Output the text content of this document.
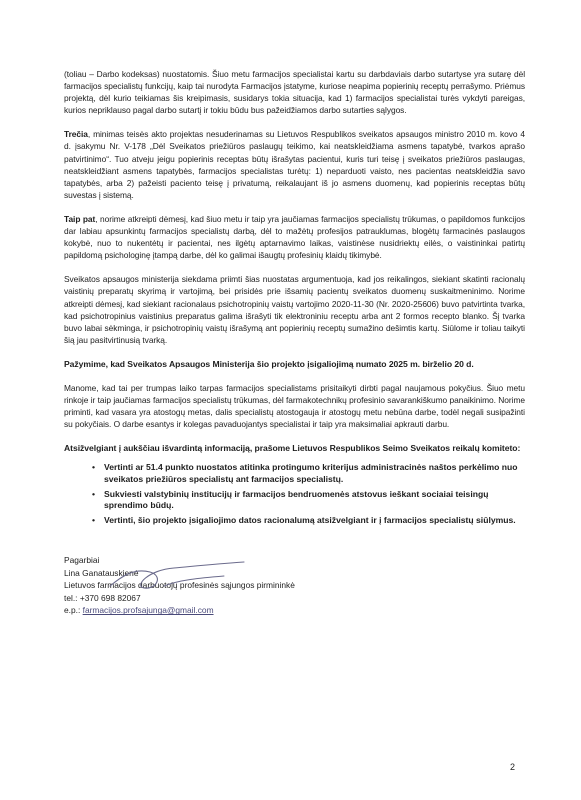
(toliau – Darbo kodeksas) nuostatomis. Šiuo metu farmacijos specialistai kartu su darbdaviais darbo sutartyse yra sutarę dėl farmacijos specialistų funkcijų, kaip tai nurodyta Farmacijos įstatyme, kuriose neapima popierinių receptų perrašymo. Priėmus projektą, dėl kurio teikiamas šis kreipimasis, susidarys tokia situacija, kad 1) farmacijos specialistai turės vykdyti pareigas, kurios nepriklauso pagal darbo sutartį ir tokiu būdu bus pažeidžiamos darbo sutarties sąlygos.

Trečia, minimas teisės akto projektas nesuderinamas su Lietuvos Respublikos sveikatos apsaugos ministro 2010 m. kovo 4 d. įsakymu Nr. V-178 „Dėl Sveikatos priežiūros paslaugų teikimo, kai neatskleidžiama asmens tapatybė, tvarkos aprašo patvirtinimo“. Tuo atveju jeigu popierinis receptas būtų išrašytas pacientui, kuris turi teisę į sveikatos priežiūros paslaugas, neatskleidžiant asmens tapatybės, farmacijos specialistas turėtų: 1) neparduoti vaisto, nes pacientas neatskleidžia savo tapatybės, arba 2) pažeisti paciento teisę į privatumą, reikalaujant iš jo asmens duomenų, kad popierinis receptas būtų suvestas į sistemą.

Taip pat, norime atkreipti dėmesį, kad šiuo metu ir taip yra jaučiamas farmacijos specialistų trūkumas, o papildomos funkcijos dar labiau apsunkintų farmacijos specialistų darbą, dėl to mažėtų profesijos patrauklumas, blogėtų farmacinės paslaugos kokybė, nuo to nukentėtų ir pacientai, nes ilgėtų aptarnavimo laikas, vaistinėse nusidriektų eilės, o vaistininkai patirtų papildomą psichologinę įtampą darbe, dėl ko galimai išaugtų profesinių klaidų tikimybė.

Sveikatos apsaugos ministerija siekdama priimti šias nuostatas argumentuoja, kad jos reikalingos, siekiant skatinti racionalų vaistinių preparatų skyrimą ir vartojimą, bei prisidės prie išsamių pacientų sveikatos duomenų suskaitmeninimo. Norime atkreipti dėmesį, kad siekiant racionalaus psichotropinių vaistų vartojimo 2020-11-30 (Nr. 2020-25606) buvo patvirtinta tvarka, kad psichotropinius vaistinius preparatus galima išrašyti tik elektroniniu receptu arba ant 2 formos recepto blanko. Šį tvarka buvo labai sėkminga, ir psichotropinių vaistų išrašymą ant popierinių receptų sumažino dešimtis kartų. Siūlome ir toliau taikyti šią jau pasitvirtinusią tvarką.

Pažymime, kad Sveikatos Apsaugos Ministerija šio projekto įsigaliojimą numato 2025 m. birželio 20 d.

Manome, kad tai per trumpas laiko tarpas farmacijos specialistams prisitaikyti dirbti pagal naujamous pokyčius. Šiuo metu rinkoje ir taip jaučiamas farmacijos specialistų trūkumas, dėl farmakotechnikų profesinio savarankiškumo panaikinimo. Norime priminti, kad vasara yra atostogų metas, dalis specialistų atostogauja ir atostogų metu nebūna darbe, todėl negali susipažinti su pokyčiais. O darbe esantys ir kolegas pavaduojantys specialistai ir taip yra maksimaliai apkrauti darbu.

Atsižvelgiant į aukščiau išvardintą informaciją, prašome Lietuvos Respublikos Seimo Sveikatos reikalų komiteto:

• Vertinti ar 51.4 punkto nuostatos atitinka protingumo kriterijus administracinės naštos perkėlimo nuo sveikatos priežiūros specialistų ant farmacijos specialistų.
• Sukviesti valstybinių institucijų ir farmacijos bendruomenės atstovus ieškant sociaiai teisingų sprendimo būdų.
• Vertinti, šio projekto įsigaliojimo datos racionalumą atsižvelgiant ir į farmacijos specialistų siūlymus.
Pagarbiai
Lina Ganatauskienė
Lietuvos farmacijos darbuotojų profesinės sąjungos pirmininkė
tel.: +370 698 82067
e.p.: farmacijos.profsajunga@gmail.com
2
